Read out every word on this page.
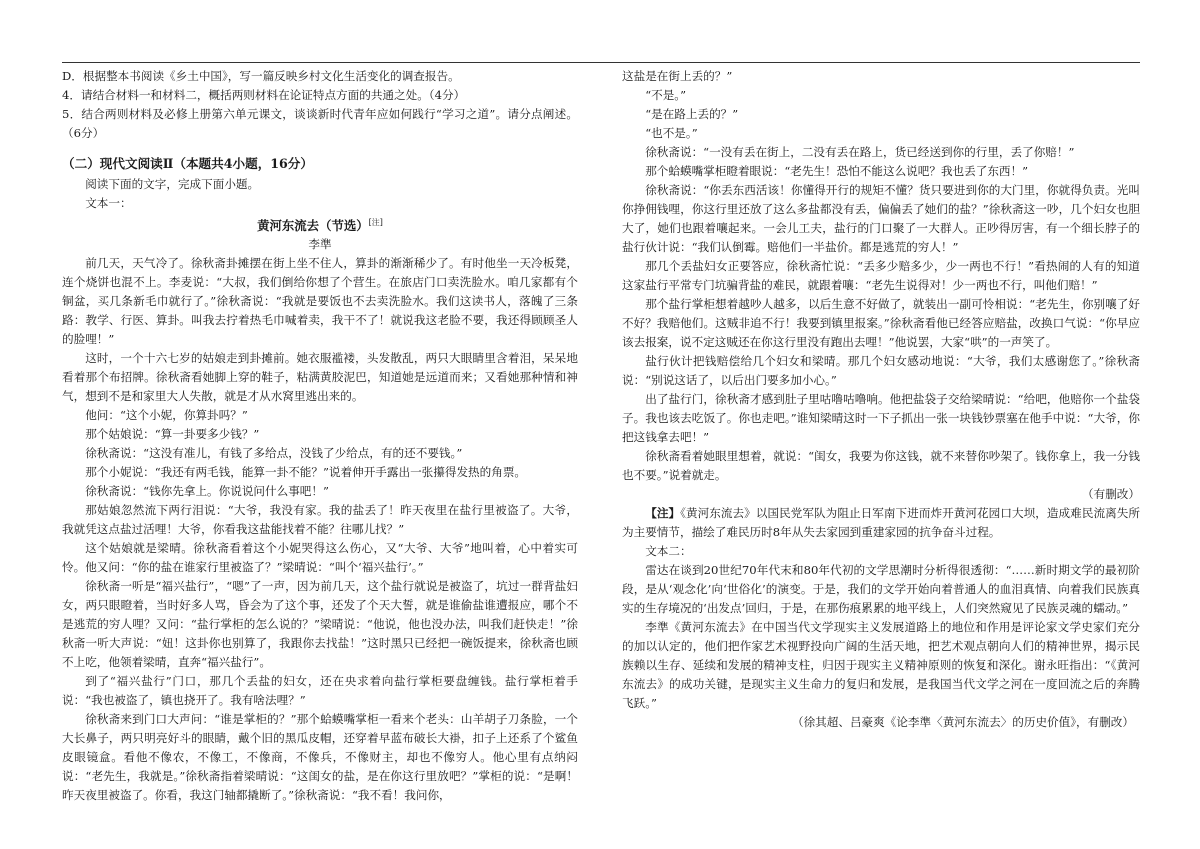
D．根据整本书阅读《乡土中国》，写一篇反映乡村文化生活变化的调查报告。

4．请结合材料一和材料二，概括两则材料在论证特点方面的共通之处。（4分）

5．结合两则材料及必修上册第六单元课文，谈谈新时代青年应如何践行“学习之道”。请分点阐述。（6分）

（二）现代文阅读Ⅱ（本题共4小题，16分）

阅读下面的文字，完成下面小题。

文本一：

黄河东流去（节选）[注]

李準

前几天，天气冷了。徐秋斋卦摊摆在街上坐不住人，算卦的渐渐稀少了。有时他坐一天冷板凳，连个烧饼也混不上。李麦说：“大叔，我们倒给你想了个营生。在旅店门口卖洗脸水。咱几家都有个铜盆，买几条新毛巾就行了。”徐秋斋说：“我就是要饭也不去卖洗脸水。我们这读书人，落魄了三条路：教学、行医、算卦。叫我去拧着热毛巾喊着卖，我干不了！就说我这老脸不要，我还得顾顾圣人的脸哩！”

这时，一个十六七岁的姑娘走到卦摊前。她衣服褴褛，头发散乱，两只大眼睛里含着泪，呆呆地看着那个布招牌。徐秋斋看她脚上穿的鞋子，粘满黄胶泥巴，知道她是远道而来；又看她那种情和神气，想到不是和家里大人失散，就是才从水窝里逃出来的。

他问：“这个小妮，你算卦吗？”

那个姑娘说：“算一卦要多少钱？”

徐秋斋说：“这没有准儿，有钱了多给点，没钱了少给点，有的还不要钱。”

那个小妮说：“我还有两毛钱，能算一卦不能？”说着伸开手露出一张攥得发热的角票。

徐秋斋说：“钱你先拿上。你说说问什么事吧！”

那姑娘忽然流下两行泪说：“大爷，我没有家。我的盐丢了！昨天夜里在盐行里被盗了。大爷，我就凭这点盐过活哩！大爷，你看我这盐能找着不能？往哪儿找？”

这个姑娘就是梁晴。徐秋斋看着这个小妮哭得这么伤心，又“大爷、大爷”地叫着，心中着实可怜。他又问：“你的盐在谁家行里被盗了？”梁晴说：“叫个‘福兴盐行’。”

徐秋斋一听是“福兴盐行”，“嗯”了一声，因为前几天，这个盐行就说是被盗了，坑过一群背盐妇女，两只眼瞪着，当时好多人骂，昏会为了这个事，还发了个天大誓，就是谁偷盐谁遭报应，哪个不是逃荒的穷人哩？又问：“盐行掌柜的怎么说的？”梁晴说：“他说，他也没办法，叫我们赶快走！”徐秋斋一听大声说：“妞！这卦你也别算了，我跟你去找盐！”这时黑只已经把一碗饭提来，徐秋斋也顾不上吃，他领着梁晴，直奔“福兴盐行”。

到了“福兴盐行”门口，那几个丢盐的妇女，还在央求着向盐行掌柜要盘缠钱。盐行掌柜着手说：“我也被盗了，镇也挠开了。我有啥法哩？”

徐秋斋来到门口大声问：“谁是掌柜的？”那个蛤蟆嘴掌柜一看来个老头：山羊胡子刀条脸，一个大长鼻子，两只明亮好斗的眼睛，戴个旧的黑瓜皮帽，还穿着早蓝布破长大褂，扣子上还系了个鲨鱼皮眼镜盒。看他不像农，不像工，不像商，不像兵，不像财主，却也不像穷人。他心里有点纳闷说：“老先生，我就是。”徐秋斋指着梁晴说：“这闺女的盐，是在你这行里放吧？”掌柜的说：“是啊！昨天夜里被盗了。你看，我这门轴都撬断了。”徐秋斋说：“我不看！我问你，

这盐是在街上丢的？”

“不是。”

“是在路上丢的？”

“也不是。”

徐秋斋说：“一没有丢在街上，二没有丢在路上，货已经送到你的行里，丢了你赔！”

那个蛤蟆嘴掌柜瞪着眼说：“老先生！恐怕不能这么说吧？我也丢了东西！”

徐秋斋说：“你丢东西活该！你懂得开行的规矩不懂？货只要进到你的大门里，你就得负责。光叫你挣佣钱哩，你这行里还放了这么多盐都没有丢，偏偏丢了她们的盐？”徐秋斋这一吵，几个妇女也胆大了，她们也跟着嚷起来。一会儿工夫，盐行的门口聚了一大群人。正吵得厉害，有一个细长脖子的盐行伙计说：“我们认倒霉。赔他们一半盐价。都是逃荒的穷人！”

那几个丢盐妇女正要答应，徐秋斋忙说：“丢多少赔多少，少一两也不行！”看热闹的人有的知道这家盐行平常专门坑骗背盐的难民，就跟着嚷：“老先生说得对！少一两也不行，叫他们赔！”

那个盐行掌柜想着越吵人越多，以后生意不好做了，就装出一副可怜相说：“老先生，你别嚷了好不好？我赔他们。这贼非追不行！我要到镇里报案。”徐秋斋看他已经答应赔盐，改换口气说：“你早应该去报案，说不定这贼还在你这行里没有跑出去哩！”他说罢，大家“哄”的一声笑了。

盐行伙计把钱赔偿给几个妇女和梁晴。那几个妇女感动地说：“大爷，我们太感谢您了。”徐秋斋说：“别说这话了，以后出门要多加小心。”

出了盐行门，徐秋斋才感到肚子里咕噜咕噜响。他把盐袋子交给梁晴说：“给吧，他赔你一个盐袋子。我也该去吃饭了。你也走吧。”谁知梁晴这时一下子抓出一张一块钱钞票塞在他手中说：“大爷，你把这钱拿去吧！”

徐秋斋看着她眼里想着，就说：“闺女，我要为你这钱，就不来替你吵架了。钱你拿上，我一分钱也不要。”说着就走。

（有删改）

【注】《黄河东流去》以国民党军队为阻止日军南下进而炸开黄河花园口大坝，造成难民流离失所为主要情节，描绘了难民历时8年从失去家园到重建家园的抗争奋斗过程。

文本二：

雷达在谈到20世纪70年代末和80年代初的文学思潮时分析得很透彻：“……新时期文学的最初阶段，是从‘观念化’向‘世俗化’的演变。于是，我们的文学开始向着普通人的血泪真情、向着我们民族真实的生存境况的‘出发点’回归，于是，在那伤痕累累的地平线上，人们突然窥见了民族灵魂的蠕动。”

李準《黄河东流去》在中国当代文学现实主义发展道路上的地位和作用是评论家文学史家们充分的加以认定的，他们把作家艺术视野投向广阔的生活天地，把艺术观点朝向人们的精神世界，揭示民族赖以生存、延续和发展的精神支柱，归因于现实主义精神原则的恢复和深化。谢永旺指出：“《黄河东流去》的成功关键，是现实主义生命力的复归和发展，是我国当代文学之河在一度回流之后的奔腾飞跃。”

（徐其超、吕豪爽《论李準〈黄河东流去〉的历史价值》，有删改）
